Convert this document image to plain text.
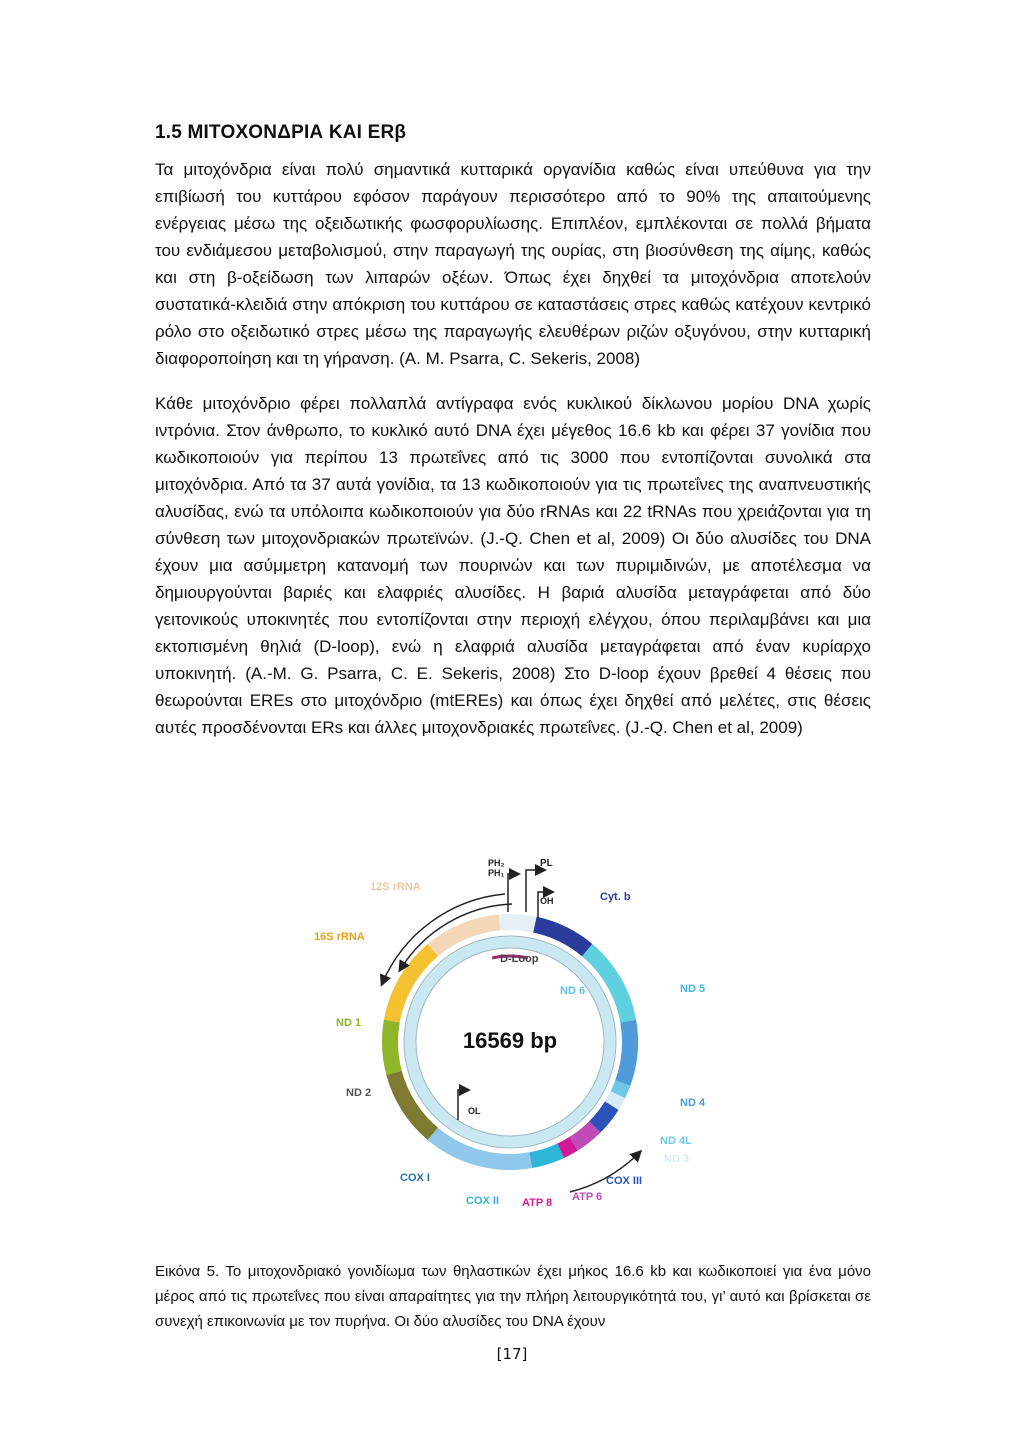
1.5 ΜΙΤΟΧΟΝΔΡΙΑ ΚΑΙ ERβ

Τα μιτοχόνδρια είναι πολύ σημαντικά κυτταρικά οργανίδια καθώς είναι υπεύθυνα για την επιβίωσή του κυττάρου εφόσον παράγουν περισσότερο από το 90% της απαιτούμενης ενέργειας μέσω της οξειδωτικής φωσφορυλίωσης. Επιπλέον, εμπλέκονται σε πολλά βήματα του ενδιάμεσου μεταβολισμού, στην παραγωγή της ουρίας, στη βιοσύνθεση της αίμης, καθώς και στη β-οξείδωση των λιπαρών οξέων. Όπως έχει δηχθεί τα μιτοχόνδρια αποτελούν συστατικά-κλειδιά στην απόκριση του κυττάρου σε καταστάσεις στρες καθώς κατέχουν κεντρικό ρόλο στο οξειδωτικό στρες μέσω της παραγωγής ελευθέρων ριζών οξυγόνου, στην κυτταρική διαφοροποίηση και τη γήρανση. (A. M. Psarra, C. Sekeris, 2008)

Κάθε μιτοχόνδριο φέρει πολλαπλά αντίγραφα ενός κυκλικού δίκλωνου μορίου DNA χωρίς ιντρόνια. Στον άνθρωπο, το κυκλικό αυτό DNA έχει μέγεθος 16.6 kb και φέρει 37 γονίδια που κωδικοποιούν για περίπου 13 πρωτεΐνες από τις 3000 που εντοπίζονται συνολικά στα μιτοχόνδρια. Από τα 37 αυτά γονίδια, τα 13 κωδικοποιούν για τις πρωτεΐνες της αναπνευστικής αλυσίδας, ενώ τα υπόλοιπα κωδικοποιούν για δύο rRNAs και 22 tRNAs που χρειάζονται για τη σύνθεση των μιτοχονδριακών πρωτεϊνών. (J.-Q. Chen et al, 2009) Οι δύο αλυσίδες του DNA έχουν μια ασύμμετρη κατανομή των πουρινών και των πυριμιδινών, με αποτέλεσμα να δημιουργούνται βαριές και ελαφριές αλυσίδες. Η βαριά αλυσίδα μεταγράφεται από δύο γειτονικούς υποκινητές που εντοπίζονται στην περιοχή ελέγχου, όπου περιλαμβάνει και μια εκτοπισμένη θηλιά (D-loop), ενώ η ελαφριά αλυσίδα μεταγράφεται από έναν κυρίαρχο υποκινητή. (A.-M. G. Psarra, C. E. Sekeris, 2008) Στο D-loop έχουν βρεθεί 4 θέσεις που θεωρούνται EREs στο μιτοχόνδριο (mtEREs) και όπως έχει δηχθεί από μελέτες, στις θέσεις αυτές προσδένονται ERs και άλλες μιτοχονδριακές πρωτεΐνες. (J.-Q. Chen et al, 2009)

D-Loop
PH₂
PH₁
PL
OH
OL
16569 bp
12S rRNA
16S rRNA
ND 1
ND 2
COX I
COX II ATP 8 ATP 6
COX III
ND 3
ND 4L
ND 4
ND 5
ND 6
Cyt. b

Εικόνα 5. Το μιτοχονδριακό γονιδίωμα των θηλαστικών έχει μήκος 16.6 kb και κωδικοποιεί για ένα μόνο μέρος από τις πρωτεΐνες που είναι απαραίτητες για την πλήρη λειτουργικότητά του, γι’ αυτό και βρίσκεται σε συνεχή επικοινωνία με τον πυρήνα. Οι δύο αλυσίδες του DNA έχουν

[17]
